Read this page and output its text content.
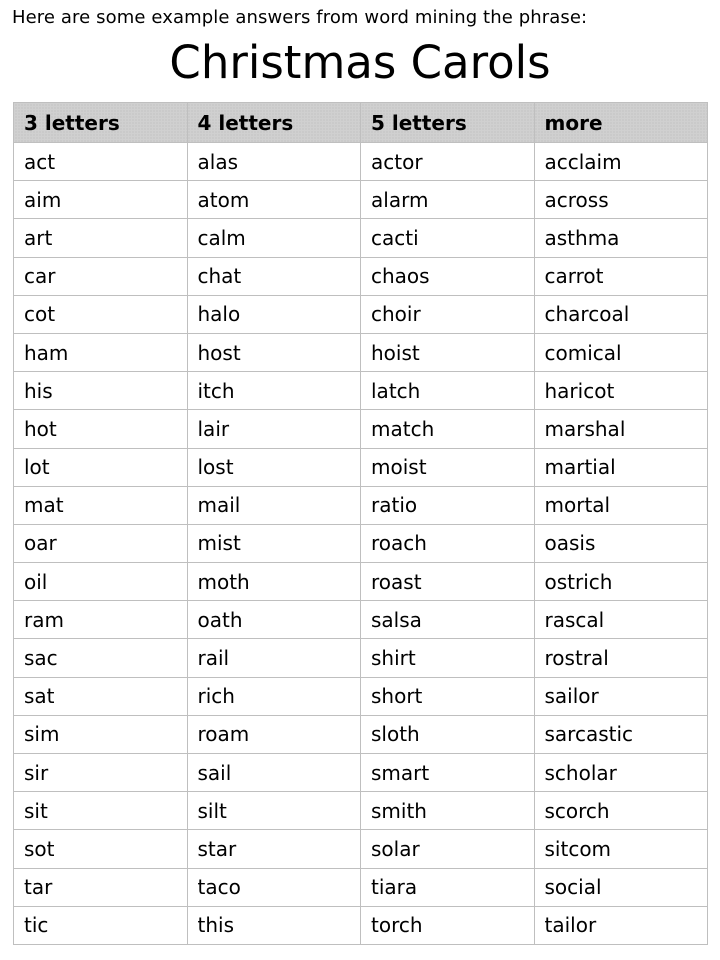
Here are some example answers from word mining the phrase:
Christmas Carols
3 letters	4 letters	5 letters	more
act	alas	actor	acclaim
aim	atom	alarm	across
art	calm	cacti	asthma
car	chat	chaos	carrot
cot	halo	choir	charcoal
ham	host	hoist	comical
his	itch	latch	haricot
hot	lair	match	marshal
lot	lost	moist	martial
mat	mail	ratio	mortal
oar	mist	roach	oasis
oil	moth	roast	ostrich
ram	oath	salsa	rascal
sac	rail	shirt	rostral
sat	rich	short	sailor
sim	roam	sloth	sarcastic
sir	sail	smart	scholar
sit	silt	smith	scorch
sot	star	solar	sitcom
tar	taco	tiara	social
tic	this	torch	tailor
